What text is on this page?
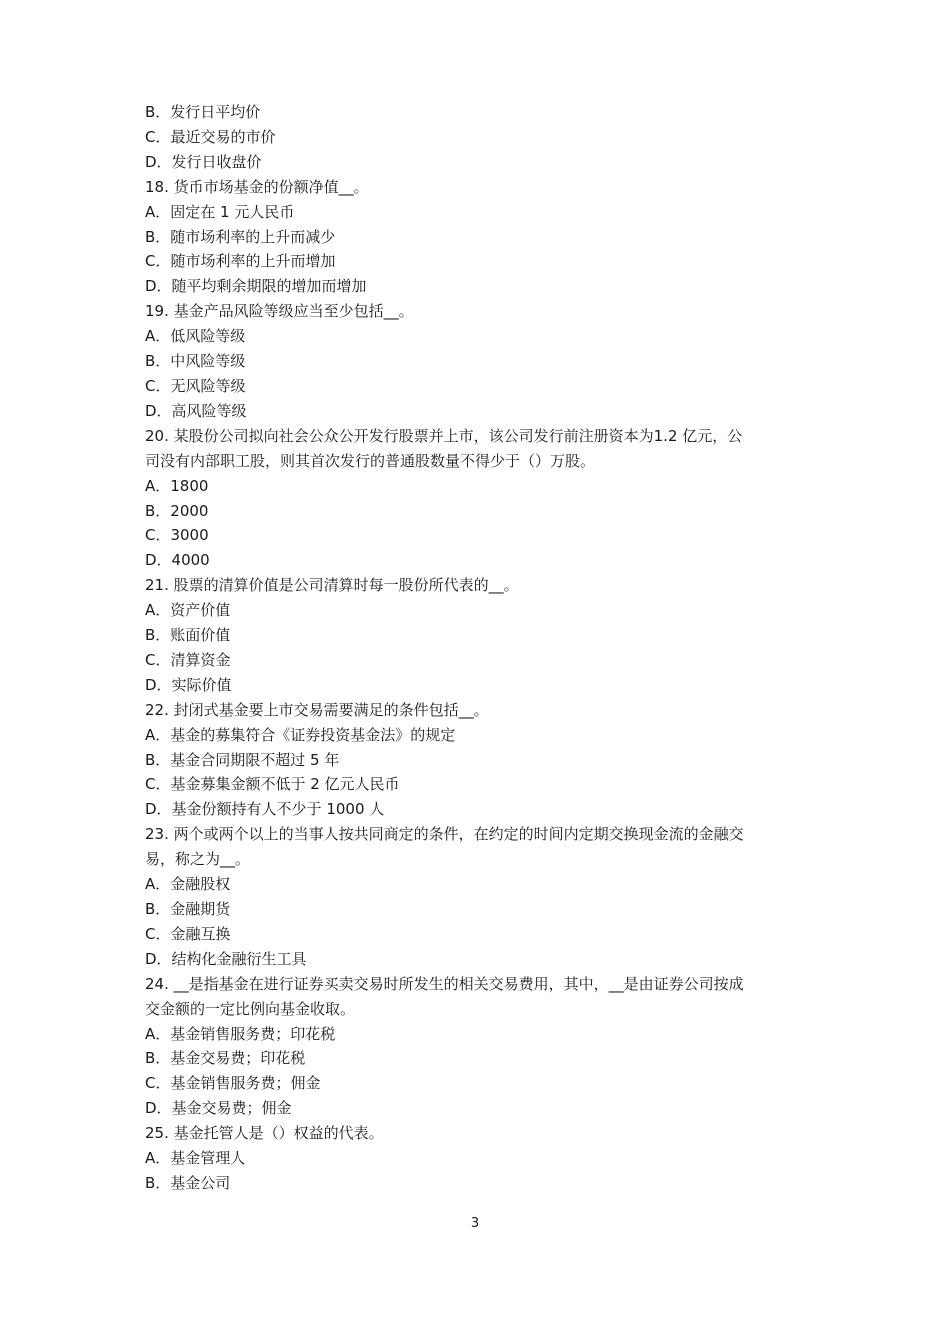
B．发行日平均价
C．最近交易的市价
D．发行日收盘价
18. 货币市场基金的份额净值__。
A．固定在 1 元人民币
B．随市场利率的上升而减少
C．随市场利率的上升而增加
D．随平均剩余期限的增加而增加
19. 基金产品风险等级应当至少包括__。
A．低风险等级
B．中风险等级
C．无风险等级
D．高风险等级
20. 某股份公司拟向社会公众公开发行股票并上市，该公司发行前注册资本为1.2 亿元，公
司没有内部职工股，则其首次发行的普通股数量不得少于（）万股。
A．1800
B．2000
C．3000
D．4000
21. 股票的清算价值是公司清算时每一股份所代表的__。
A．资产价值
B．账面价值
C．清算资金
D．实际价值
22. 封闭式基金要上市交易需要满足的条件包括__。
A．基金的募集符合《证券投资基金法》的规定
B．基金合同期限不超过 5 年
C．基金募集金额不低于 2 亿元人民币
D．基金份额持有人不少于 1000 人
23. 两个或两个以上的当事人按共同商定的条件，在约定的时间内定期交换现金流的金融交
易，称之为__。
A．金融股权
B．金融期货
C．金融互换
D．结构化金融衍生工具
24. __是指基金在进行证券买卖交易时所发生的相关交易费用，其中，__是由证券公司按成
交金额的一定比例向基金收取。
A．基金销售服务费；印花税
B．基金交易费；印花税
C．基金销售服务费；佣金
D．基金交易费；佣金
25. 基金托管人是（）权益的代表。
A．基金管理人
B．基金公司
3
